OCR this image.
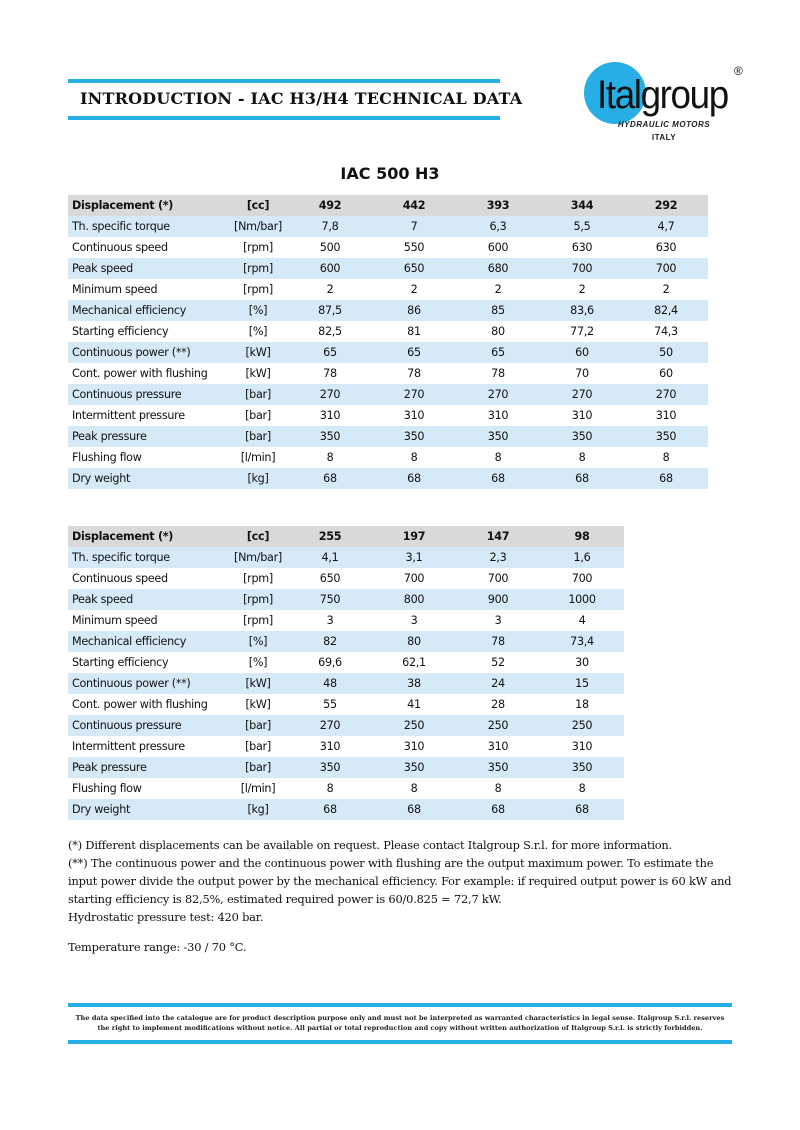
INTRODUCTION - IAC H3/H4 TECHNICAL DATA Italgroup
®
HYDRAULIC MOTORS
ITALY
IAC 500 H3
Displacement (*)	[cc]	492	442	393	344	292
Th. specific torque	[Nm/bar]	7,8	7	6,3	5,5	4,7
Continuous speed	[rpm]	500	550	600	630	630
Peak speed	[rpm]	600	650	680	700	700
Minimum speed	[rpm]	2	2	2	2	2
Mechanical efficiency	[%]	87,5	86	85	83,6	82,4
Starting efficiency	[%]	82,5	81	80	77,2	74,3
Continuous power (**)	[kW]	65	65	65	60	50
Cont. power with flushing	[kW]	78	78	78	70	60
Continuous pressure	[bar]	270	270	270	270	270
Intermittent pressure	[bar]	310	310	310	310	310
Peak pressure	[bar]	350	350	350	350	350
Flushing flow	[l/min]	8	8	8	8	8
Dry weight	[kg]	68	68	68	68	68
Displacement (*)	[cc]	255	197	147	98
Th. specific torque	[Nm/bar]	4,1	3,1	2,3	1,6
Continuous speed	[rpm]	650	700	700	700
Peak speed	[rpm]	750	800	900	1000
Minimum speed	[rpm]	3	3	3	4
Mechanical efficiency	[%]	82	80	78	73,4
Starting efficiency	[%]	69,6	62,1	52	30
Continuous power (**)	[kW]	48	38	24	15
Cont. power with flushing	[kW]	55	41	28	18
Continuous pressure	[bar]	270	250	250	250
Intermittent pressure	[bar]	310	310	310	310
Peak pressure	[bar]	350	350	350	350
Flushing flow	[l/min]	8	8	8	8
Dry weight	[kg]	68	68	68	68

(*) Different displacements can be available on request. Please contact Italgroup S.r.l. for more information.

(**) The continuous power and the continuous power with flushing are the output maximum power. To estimate the input power divide the output power by the mechanical efficiency. For example: if required output power is 60 kW and starting efficiency is 82,5%, estimated required power is 60/0.825 = 72,7 kW.

Hydrostatic pressure test: 420 bar.

Temperature range: -30 / 70 °C.

The data specified into the catalogue are for product description purpose only and must not be interpreted as warranted characteristics in legal sense. Italgroup S.r.l. reserves the right to implement modifications without notice. All partial or total reproduction and copy without written authorization of Italgroup S.r.l. is strictly forbidden.
